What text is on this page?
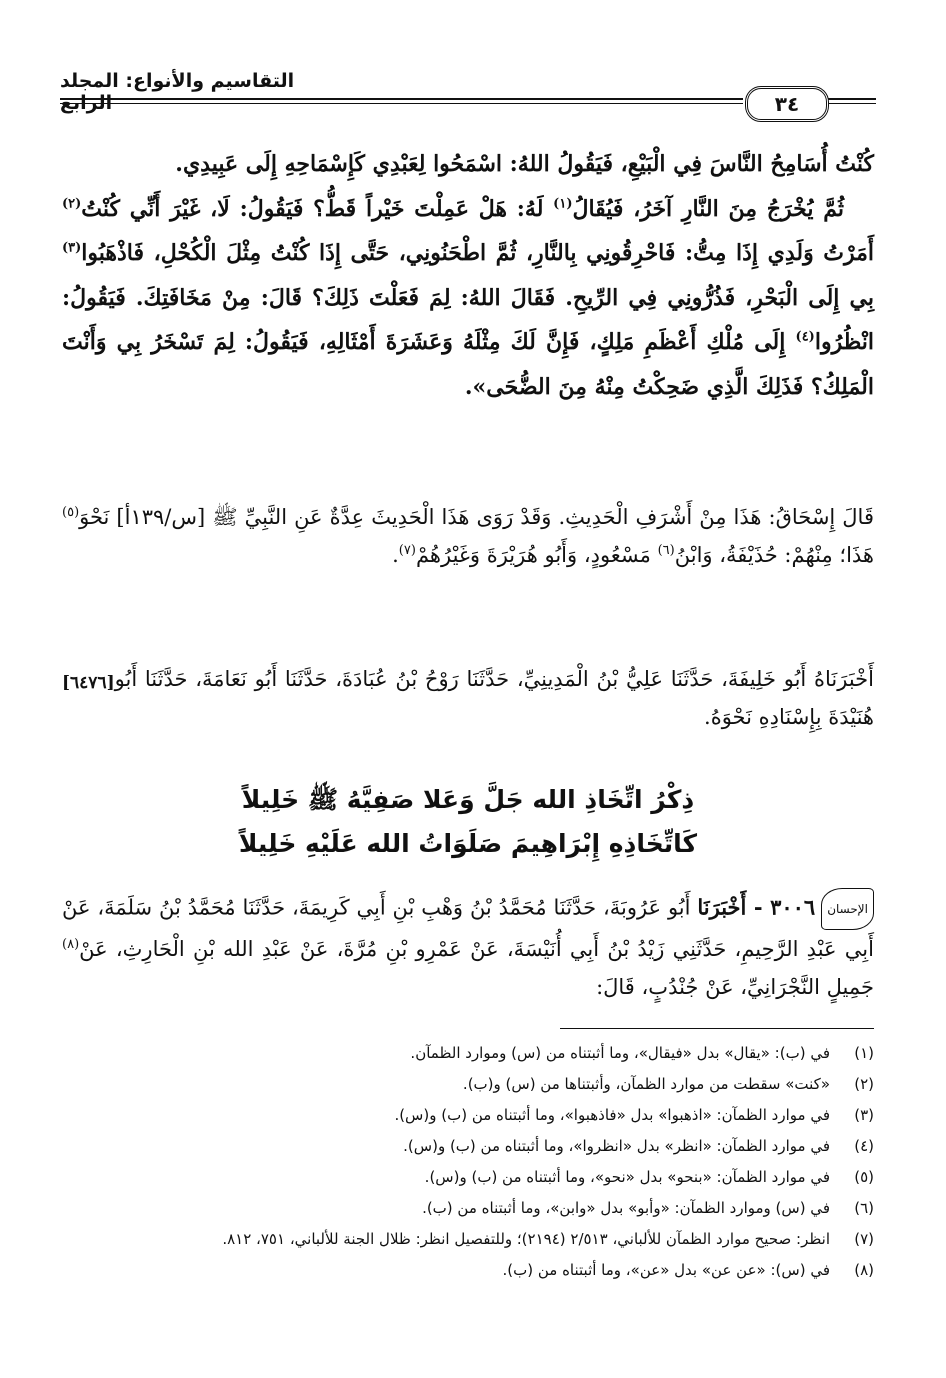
التقاسيم والأنواع: المجلد الرابع	٣٤

كُنْتُ أُسَامِحُ النَّاسَ فِي الْبَيْعِ، فَيَقُولُ اللهُ: اسْمَحُوا لِعَبْدِي كَإِسْمَاحِهِ إِلَى عَبِيدِي.

ثُمَّ يُخْرَجُ مِنَ النَّارِ آخَرُ، فَيُقَالُ$^{(١)}$ لَهُ: هَلْ عَمِلْتَ خَيْراً قَطُّ؟ فَيَقُولُ: لَا، غَيْرَ أَنِّي كُنْتُ$^{(٢)}$ أَمَرْتُ وَلَدِي إِذَا مِتُّ: فَاحْرِقُونِي بِالنَّارِ، ثُمَّ اطْحَنُونِي، حَتَّى إِذَا كُنْتُ مِثْلَ الْكُحْلِ، فَاذْهَبُوا$^{(٣)}$ بِي إِلَى الْبَحْرِ، فَذُرُّونِي فِي الرِّيحِ. فَقَالَ اللهُ: لِمَ فَعَلْتَ ذَلِكَ؟ قَالَ: مِنْ مَخَافَتِكَ. فَيَقُولُ: انْظُرُوا$^{(٤)}$ إِلَى مُلْكِ أَعْظَمِ مَلِكٍ، فَإِنَّ لَكَ مِثْلَهُ وَعَشَرَةَ أَمْثَالِهِ، فَيَقُولُ: لِمَ تَسْخَرُ بِي وَأَنْتَ الْمَلِكُ؟ فَذَلِكَ الَّذِي ضَحِكْتُ مِنْهُ مِنَ الضُّحَى».

قَالَ إِسْحَاقُ: هَذَا مِنْ أَشْرَفِ الْحَدِيثِ. وَقَدْ رَوَى هَذَا الْحَدِيثَ عِدَّةٌ عَنِ النَّبِيِّ ﷺ [س/١٣٩أ] نَحْوَ$^{(٥)}$ هَذَا؛ مِنْهُمْ: حُذَيْفَةُ، وَابْنُ$^{(٦)}$ مَسْعُودٍ، وَأَبُو هُرَيْرَةَ وَغَيْرُهُمْ$^{(٧)}$.
[٦٤٧٦] أَخْبَرَنَاهُ أَبُو خَلِيفَةَ، حَدَّثَنَا عَلِيُّ بْنُ الْمَدِينِيِّ، حَدَّثَنَا رَوْحُ بْنُ عُبَادَةَ، حَدَّثَنَا أَبُو نَعَامَةَ، حَدَّثَنَا أَبُو هُنَيْدَةَ بِإِسْنَادِهِ نَحْوَهُ.
ذِكْرُ اتِّخَاذِ الله جَلَّ وَعَلا صَفِيَّهُ ﷺ خَلِيلاً
كَاتِّخَاذِهِ إِبْرَاهِيمَ صَلَوَاتُ الله عَلَيْهِ خَلِيلاً
الإحسان٣٠٠٦ - أَخْبَرَنَا أَبُو عَرُوبَةَ، حَدَّثَنَا مُحَمَّدُ بْنُ وَهْبِ بْنِ أَبِي كَرِيمَةَ، حَدَّثَنَا مُحَمَّدُ بْنُ سَلَمَةَ، عَنْ أَبِي عَبْدِ الرَّحِيمِ، حَدَّثَنِي زَيْدُ بْنُ أَبِي أُنَيْسَةَ، عَنْ عَمْرِو بْنِ مُرَّةَ، عَنْ عَبْدِ الله بْنِ الْحَارِثِ، عَنْ$^{(٨)}$ جَمِيلٍ النَّجْرَانِيِّ، عَنْ جُنْدُبٍ، قَالَ:
(١)
في (ب): «يقال» بدل «فيقال»، وما أثبتناه من (س) وموارد الظمآن.
(٢)
«كنت» سقطت من موارد الظمآن، وأثبتناها من (س) و(ب).
(٣)
في موارد الظمآن: «اذهبوا» بدل «فاذهبوا»، وما أثبتناه من (ب) و(س).
(٤)
في موارد الظمآن: «انظر» بدل «انظروا»، وما أثبتناه من (ب) و(س).
(٥)
في موارد الظمآن: «بنحو» بدل «نحو»، وما أثبتناه من (ب) و(س).
(٦)
في (س) وموارد الظمآن: «وأبو» بدل «وابن»، وما أثبتناه من (ب).
(٧)
انظر: صحيح موارد الظمآن للألباني، ٢/٥١٣ (٢١٩٤)؛ وللتفصيل انظر: ظلال الجنة للألباني، ٧٥١، ٨١٢.
(٨)
في (س): «عن عن» بدل «عن»، وما أثبتناه من (ب).
